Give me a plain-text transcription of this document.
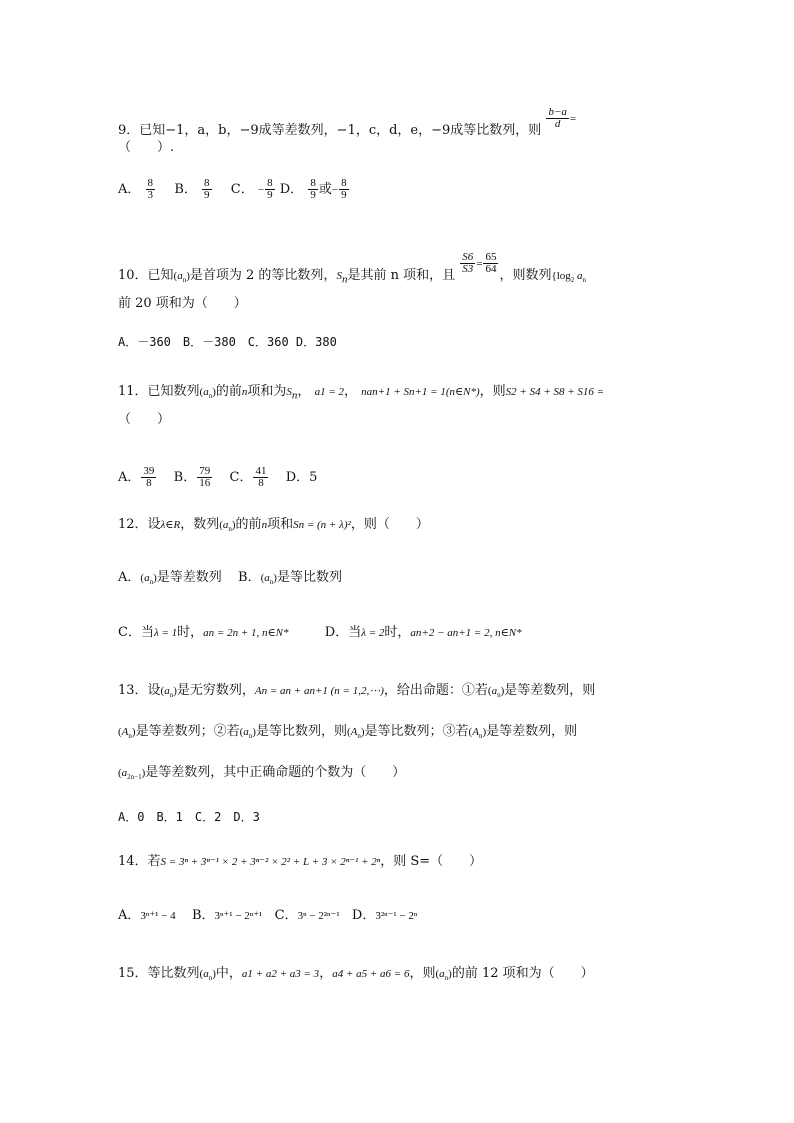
9．已知−1，a，b，−9成等差数列，−1，c，d，e，−9成等比数列，则
$\frac{b-a}{d} ^=$
（　　）.
A． $\frac{8}{3}$ B． $\frac{8}{9}$ C． − $\frac{8}{9}$ D． $\frac{8}{9}$ 或− $\frac{8}{9}$
10．已知$(a_n)$是首项为 2 的等比数列，$S_n$是其前 n 项和，且
$\frac{S6}{S3} ^= \frac{65}{64}$
，则数列{$\log_2$ $a_n$
前 20 项和为（　　）
A．－360　B．－380　C．360 D．380
11．已知数列$(a_n)$的前n项和为$S_n$， a1 = 2， nan+1 + Sn+1 = 1(n∈N*)，则S2 + S4 + S8 + S16 =
（　　）
A． $\frac{39}{8}$ B． $\frac{79}{16}$ C． $\frac{41}{8}$ D．5
12．设λ∈R，数列$(a_n)$的前n项和Sn = (n + λ)²，则（　　）
A．$(a_n)$是等差数列 B．$(a_n)$是等比数列
C．当λ = 1时，an = 2n + 1, n∈N*	D．当λ = 2时，an+2 − an+1 = 2, n∈N*
13．设$(a_n)$是无穷数列，An = an + an+1 (n = 1,2,⋯)，给出命题：①若$(a_n)$是等差数列，则
$(A_n)$是等差数列；②若$(a_n)$是等比数列，则$(A_n)$是等比数列；③若$(A_n)$是等差数列，则
$(a_{2n-1})$是等差数列，其中正确命题的个数为（　　）
A．0　B．1　C．2　D．3
14．若S = 3ⁿ + 3ⁿ⁻¹ × 2 + 3ⁿ⁻² × 2² + L + 3 × 2ⁿ⁻¹ + 2ⁿ，则 S=（　　）
A．3ⁿ⁺¹ − 4 B．3ⁿ⁺¹ − 2ⁿ⁺¹ C．3ⁿ − 2²ⁿ⁻¹ D．3²ⁿ⁻¹ − 2ⁿ
15．等比数列$(a_n)$中，a1 + a2 + a3 = 3，a4 + a5 + a6 = 6，则$(a_n)$的前 12 项和为（　　）
